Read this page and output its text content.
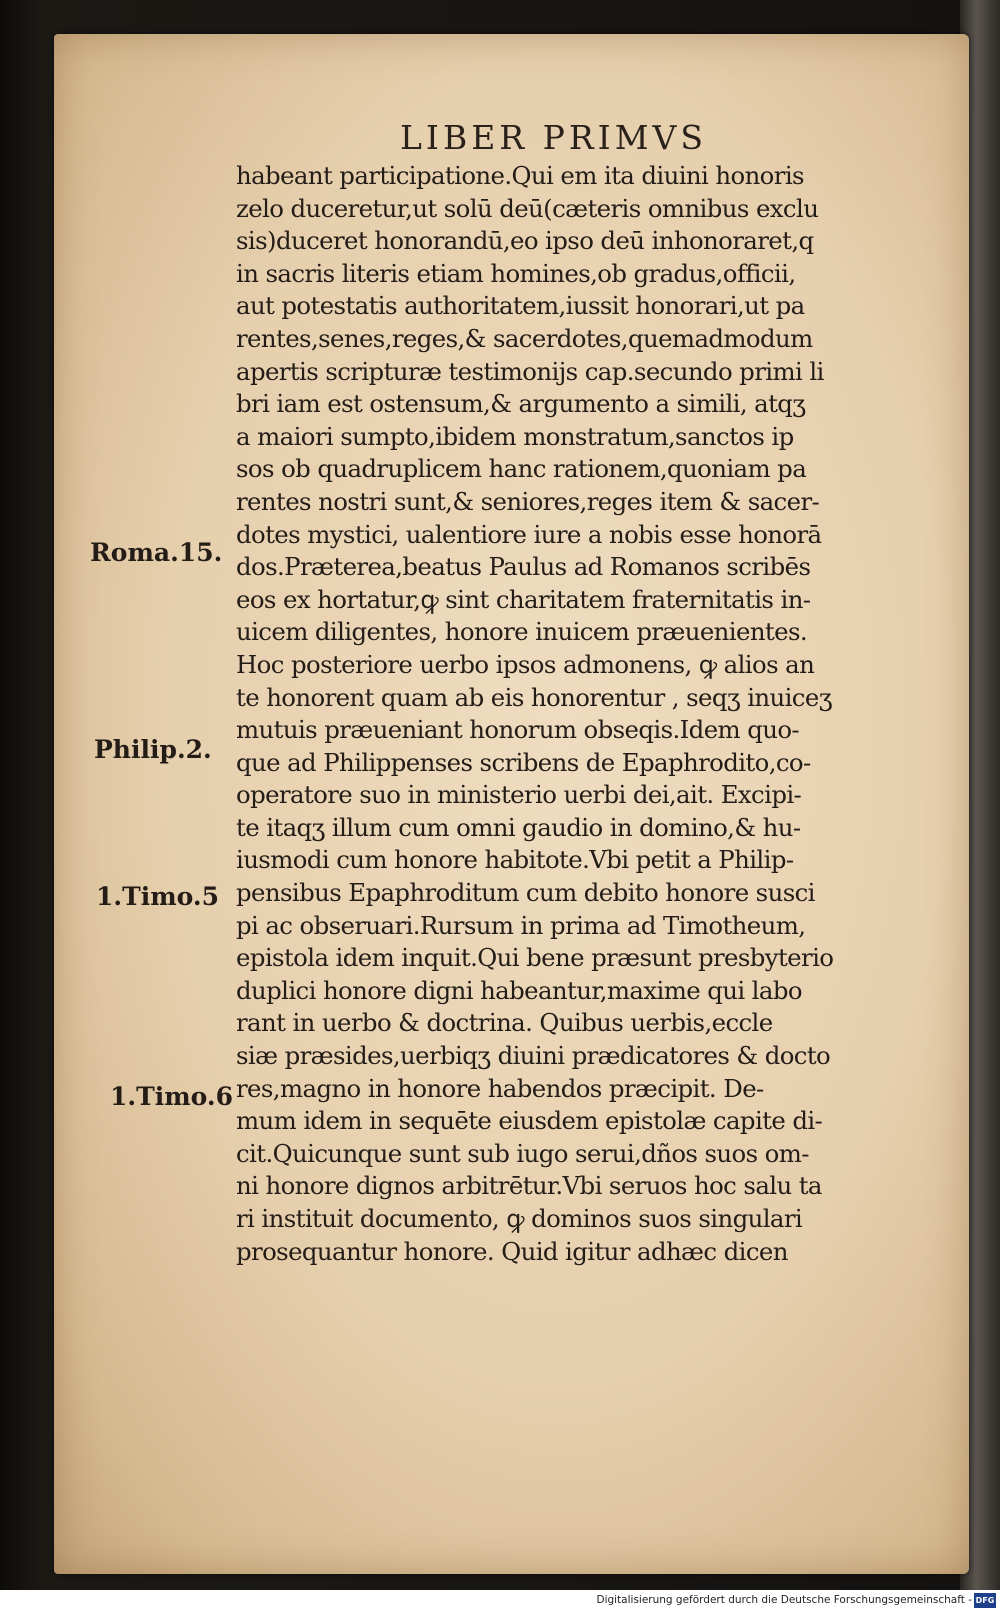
LIBER PRIMVS
habeant participatione.Qui em ita diuini honoris
zelo duceretur,ut solū deū(cæteris omnibus exclu
sis)duceret honorandū,eo ipso deū inhonoraret,q
in sacris literis etiam homines,ob gradus,officii,
aut potestatis authoritatem,iussit honorari,ut pa
rentes,senes,reges,& sacerdotes,quemadmodum
apertis scripturæ testimonijs cap.secundo primi li
bri iam est ostensum,& argumento a simili, atqʒ
a maiori sumpto,ibidem monstratum,sanctos ip
sos ob quadruplicem hanc rationem,quoniam pa
rentes nostri sunt,& seniores,reges item & sacer-
dotes mystici, ualentiore iure a nobis esse honorā
dos.Præterea,beatus Paulus ad Romanos scribēs
eos ex hortatur,ꝙ sint charitatem fraternitatis in-
uicem diligentes, honore inuicem præuenientes.
Hoc posteriore uerbo ipsos admonens, ꝙ alios an
te honorent quam ab eis honorentur , seqʒ inuiceʒ
mutuis præueniant honorum obseqis.Idem quo-
que ad Philippenses scribens de Epaphrodito,co-
operatore suo in ministerio uerbi dei,ait. Excipi-
te itaqʒ illum cum omni gaudio in domino,& hu-
iusmodi cum honore habitote.Vbi petit a Philip-
pensibus Epaphroditum cum debito honore susci
pi ac obseruari.Rursum in prima ad Timotheum,
epistola idem inquit.Qui bene præsunt presbyterio
duplici honore digni habeantur,maxime qui labo
rant in uerbo & doctrina. Quibus uerbis,eccle
siæ præsides,uerbiqʒ diuini prædicatores & docto
res,magno in honore habendos præcipit. De-
mum idem in sequēte eiusdem epistolæ capite di-
cit.Quicunque sunt sub iugo serui,dños suos om-
ni honore dignos arbitrētur.Vbi seruos hoc salu ta
ri instituit documento, ꝙ dominos suos singulari
prosequantur honore. Quid igitur adhæc dicen
Roma.15.
Philip.2.
1.Timo.5
1.Timo.6
Digitalisierung gefördert durch die Deutsche Forschungsgemeinschaft - DFG
